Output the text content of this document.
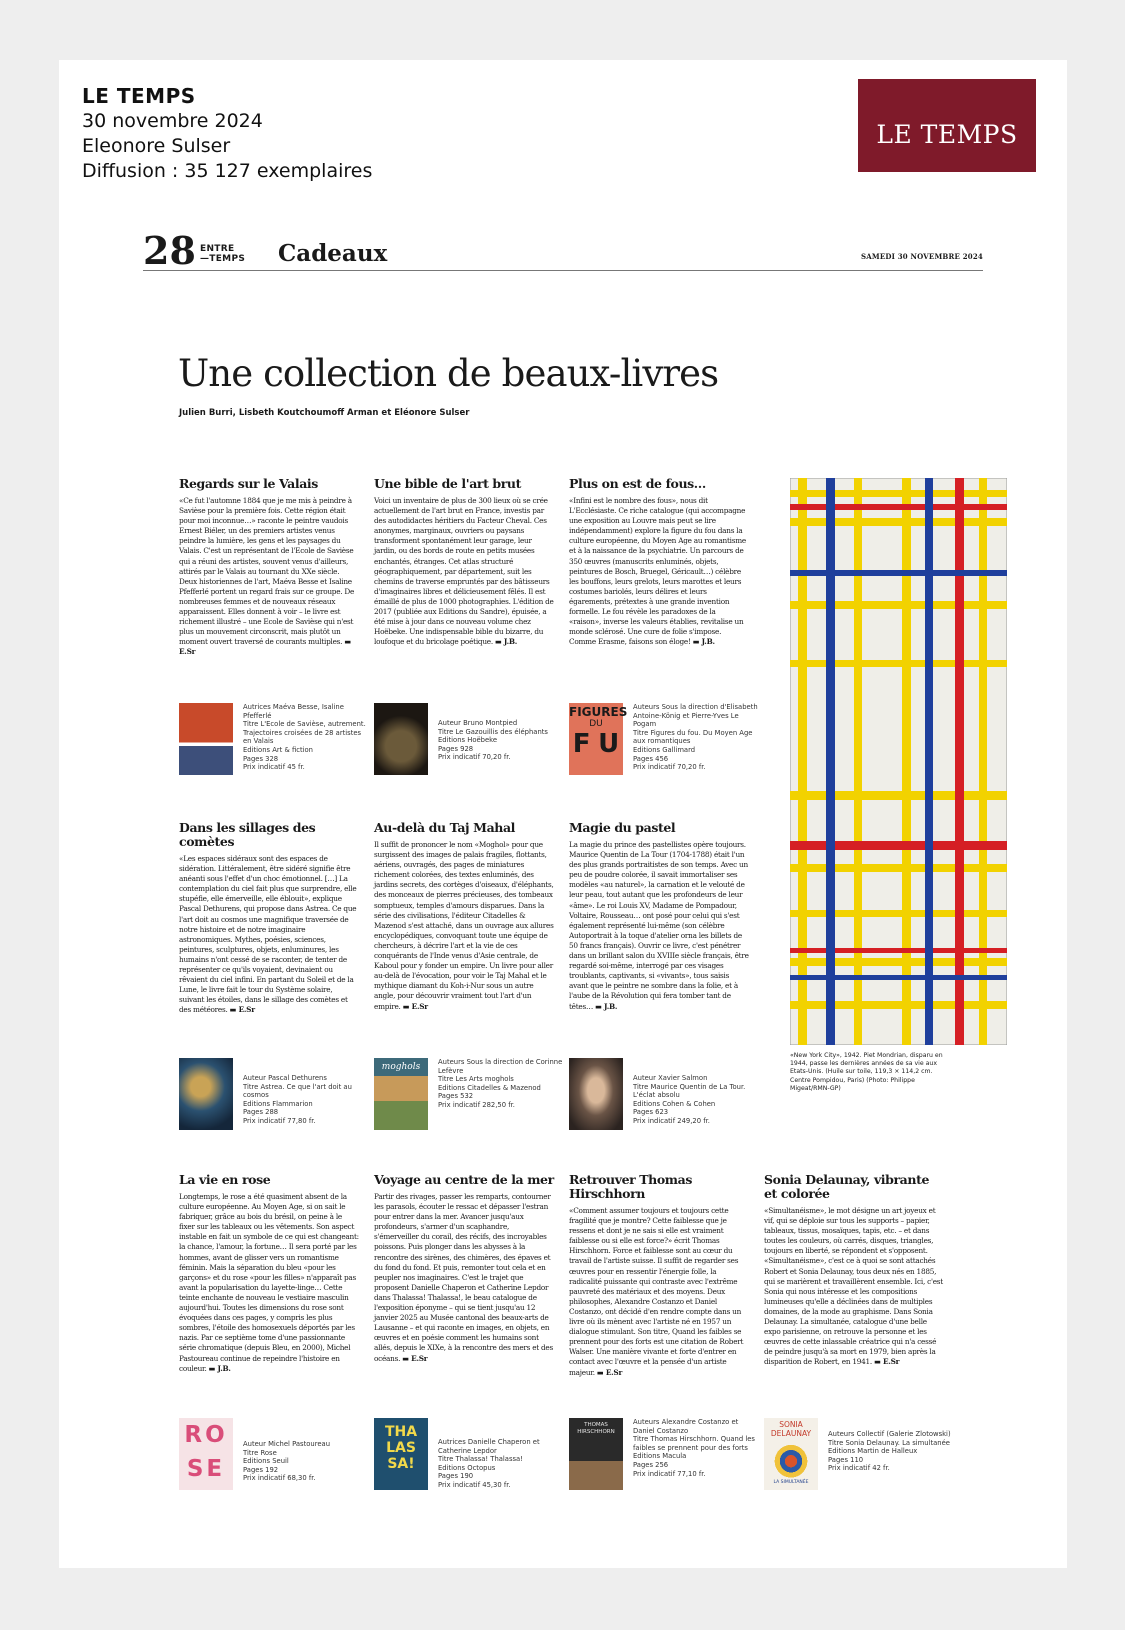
LE TEMPS
30 novembre 2024
Eleonore Sulser
Diffusion : 35 127 exemplaires
LE TEMPS
28 ENTRE
—TEMPS Cadeaux	SAMEDI 30 NOVEMBRE 2024
Une collection de beaux-livres
Julien Burri, Lisbeth Koutchoumoff Arman et Eléonore Sulser
Regards sur le Valais

«Ce fut l'automne 1884 que je me mis à peindre à Savièse pour la première fois. Cette région était pour moi inconnue…» raconte le peintre vaudois Ernest Biéler, un des premiers artistes venus peindre la lumière, les gens et les paysages du Valais. C'est un représentant de l'Ecole de Savièse qui a réuni des artistes, souvent venus d'ailleurs, attirés par le Valais au tournant du XXe siècle. Deux historiennes de l'art, Maéva Besse et Isaline Pfefferlé portent un regard frais sur ce groupe. De nombreuses femmes et de nouveaux réseaux apparaissent. Elles donnent à voir – le livre est richement illustré – une Ecole de Savièse qui n'est plus un mouvement circonscrit, mais plutôt un moment ouvert traversé de courants multiples. ▬ E.Sr

Une bible de l'art brut

Voici un inventaire de plus de 300 lieux où se crée actuellement de l'art brut en France, investis par des autodidactes héritiers du Facteur Cheval. Ces anonymes, marginaux, ouvriers ou paysans transforment spontanément leur garage, leur jardin, ou des bords de route en petits musées enchantés, étranges. Cet atlas structuré géographiquement, par département, suit les chemins de traverse empruntés par des bâtisseurs d'imaginaires libres et délicieusement fêlés. Il est émaillé de plus de 1000 photographies. L'édition de 2017 (publiée aux Editions du Sandre), épuisée, a été mise à jour dans ce nouveau volume chez Hoëbeke. Une indispensable bible du bizarre, du loufoque et du bricolage poétique. ▬ J.B.

Plus on est de fous…

«Infini est le nombre des fous», nous dit L'Ecclésiaste. Ce riche catalogue (qui accompagne une exposition au Louvre mais peut se lire indépendamment) explore la figure du fou dans la culture européenne, du Moyen Age au romantisme et à la naissance de la psychiatrie. Un parcours de 350 œuvres (manuscrits enluminés, objets, peintures de Bosch, Bruegel, Géricault…) célèbre les bouffons, leurs grelots, leurs marottes et leurs costumes bariolés, leurs délires et leurs égarements, prétextes à une grande invention formelle. Le fou révèle les paradoxes de la «raison», inverse les valeurs établies, revitalise un monde sclérosé. Une cure de folie s'impose. Comme Erasme, faisons son éloge! ▬ J.B.

Autrices Maéva Besse, Isaline Pfefferlé
Titre L'Ecole de Savièse, autrement. Trajectoires croisées de 28 artistes en Valais
Editions Art & fiction
Pages 328
Prix indicatif 45 fr.
Auteur Bruno Montpied
Titre Le Gazouillis des éléphants
Editions Hoëbeke
Pages 928
Prix indicatif 70,20 fr.
FIGURES
DU
F U
Auteurs Sous la direction d'Elisabeth Antoine-König et Pierre-Yves Le Pogam
Titre Figures du fou. Du Moyen Age aux romantiques
Editions Gallimard
Pages 456
Prix indicatif 70,20 fr.
Dans les sillages des comètes

«Les espaces sidéraux sont des espaces de sidération. Littéralement, être sidéré signifie être anéanti sous l'effet d'un choc émotionnel. […] La contemplation du ciel fait plus que surprendre, elle stupéfie, elle émerveille, elle éblouit», explique Pascal Dethurens, qui propose dans Astrea. Ce que l'art doit au cosmos une magnifique traversée de notre histoire et de notre imaginaire astronomiques. Mythes, poésies, sciences, peintures, sculptures, objets, enluminures, les humains n'ont cessé de se raconter, de tenter de représenter ce qu'ils voyaient, devinaient ou rêvaient du ciel infini. En partant du Soleil et de la Lune, le livre fait le tour du Système solaire, suivant les étoiles, dans le sillage des comètes et des météores. ▬ E.Sr

Au-delà du Taj Mahal

Il suffit de prononcer le nom «Moghol» pour que surgissent des images de palais fragiles, flottants, aériens, ouvragés, des pages de miniatures richement colorées, des textes enluminés, des jardins secrets, des cortèges d'oiseaux, d'éléphants, des monceaux de pierres précieuses, des tombeaux somptueux, temples d'amours disparues. Dans la série des civilisations, l'éditeur Citadelles & Mazenod s'est attaché, dans un ouvrage aux allures encyclopédiques, convoquant toute une équipe de chercheurs, à décrire l'art et la vie de ces conquérants de l'Inde venus d'Asie centrale, de Kaboul pour y fonder un empire. Un livre pour aller au-delà de l'évocation, pour voir le Taj Mahal et le mythique diamant du Koh-i-Nur sous un autre angle, pour découvrir vraiment tout l'art d'un empire. ▬ E.Sr

Magie du pastel

La magie du prince des pastellistes opère toujours. Maurice Quentin de La Tour (1704-1788) était l'un des plus grands portraitistes de son temps. Avec un peu de poudre colorée, il savait immortaliser ses modèles «au naturel», la carnation et le velouté de leur peau, tout autant que les profondeurs de leur «âme». Le roi Louis XV, Madame de Pompadour, Voltaire, Rousseau… ont posé pour celui qui s'est également représenté lui-même (son célèbre Autoportrait à la toque d'atelier orna les billets de 50 francs français). Ouvrir ce livre, c'est pénétrer dans un brillant salon du XVIIIe siècle français, être regardé soi-même, interrogé par ces visages troublants, captivants, si «vivants», tous saisis avant que le peintre ne sombre dans la folie, et à l'aube de la Révolution qui fera tomber tant de têtes… ▬ J.B.

Auteur Pascal Dethurens
Titre Astrea. Ce que l'art doit au cosmos
Editions Flammarion
Pages 288
Prix indicatif 77,80 fr.
moghols	Auteurs Sous la direction de Corinne Lefèvre
Titre Les Arts moghols
Editions Citadelles & Mazenod
Pages 532
Prix indicatif 282,50 fr.
Auteur Xavier Salmon
Titre Maurice Quentin de La Tour. L'éclat absolu
Editions Cohen & Cohen
Pages 623
Prix indicatif 249,20 fr.
La vie en rose

Longtemps, le rose a été quasiment absent de la culture européenne. Au Moyen Age, si on sait le fabriquer, grâce au bois du brésil, on peine à le fixer sur les tableaux ou les vêtements. Son aspect instable en fait un symbole de ce qui est changeant: la chance, l'amour, la fortune… Il sera porté par les hommes, avant de glisser vers un romantisme féminin. Mais la séparation du bleu «pour les garçons» et du rose «pour les filles» n'apparaît pas avant la popularisation du layette-linge… Cette teinte enchante de nouveau le vestiaire masculin aujourd'hui. Toutes les dimensions du rose sont évoquées dans ces pages, y compris les plus sombres, l'étoile des homosexuels déportés par les nazis. Par ce septième tome d'une passionnante série chromatique (depuis Bleu, en 2000), Michel Pastoureau continue de repeindre l'histoire en couleur. ▬ J.B.

Voyage au centre de la mer

Partir des rivages, passer les remparts, contourner les parasols, écouter le ressac et dépasser l'estran pour entrer dans la mer. Avancer jusqu'aux profondeurs, s'armer d'un scaphandre, s'émerveiller du corail, des récifs, des incroyables poissons. Puis plonger dans les abysses à la rencontre des sirènes, des chimères, des épaves et du fond du fond. Et puis, remonter tout cela et en peupler nos imaginaires. C'est le trajet que proposent Danielle Chaperon et Catherine Lepdor dans Thalassa! Thalassa!, le beau catalogue de l'exposition éponyme – qui se tient jusqu'au 12 janvier 2025 au Musée cantonal des beaux-arts de Lausanne – et qui raconte en images, en objets, en œuvres et en poésie comment les humains sont allés, depuis le XIXe, à la rencontre des mers et des océans. ▬ E.Sr

Retrouver Thomas Hirschhorn

«Comment assumer toujours et toujours cette fragilité que je montre? Cette faiblesse que je ressens et dont je ne sais si elle est vraiment faiblesse ou si elle est force?» écrit Thomas Hirschhorn. Force et faiblesse sont au cœur du travail de l'artiste suisse. Il suffit de regarder ses œuvres pour en ressentir l'énergie folle, la radicalité puissante qui contraste avec l'extrême pauvreté des matériaux et des moyens. Deux philosophes, Alexandre Costanzo et Daniel Costanzo, ont décidé d'en rendre compte dans un livre où ils mènent avec l'artiste né en 1957 un dialogue stimulant. Son titre, Quand les faibles se prennent pour des forts est une citation de Robert Walser. Une manière vivante et forte d'entrer en contact avec l'œuvre et la pensée d'un artiste majeur. ▬ E.Sr

Sonia Delaunay, vibrante et colorée

«Simultanéisme», le mot désigne un art joyeux et vif, qui se déploie sur tous les supports – papier, tableaux, tissus, mosaïques, tapis, etc. – et dans toutes les couleurs, où carrés, disques, triangles, toujours en liberté, se répondent et s'opposent. «Simultanéisme», c'est ce à quoi se sont attachés Robert et Sonia Delaunay, tous deux nés en 1885, qui se marièrent et travaillèrent ensemble. Ici, c'est Sonia qui nous intéresse et les compositions lumineuses qu'elle a déclinées dans de multiples domaines, de la mode au graphisme. Dans Sonia Delaunay. La simultanée, catalogue d'une belle expo parisienne, on retrouve la personne et les œuvres de cette inlassable créatrice qui n'a cessé de peindre jusqu'à sa mort en 1979, bien après la disparition de Robert, en 1941. ▬ E.Sr

RO
SE
Auteur Michel Pastoureau
Titre Rose
Editions Seuil
Pages 192
Prix indicatif 68,30 fr.
THA
LAS
SA!
Autrices Danielle Chaperon et Catherine Lepdor
Titre Thalassa! Thalassa!
Editions Octopus
Pages 190
Prix indicatif 45,30 fr.
THOMAS HIRSCHHORN
Auteurs Alexandre Costanzo et Daniel Costanzo
Titre Thomas Hirschhorn. Quand les faibles se prennent pour des forts
Editions Macula
Pages 256
Prix indicatif 77,10 fr.
SONIA DELAUNAY
LA SIMULTANÉE
Auteurs Collectif (Galerie Zlotowski)
Titre Sonia Delaunay. La simultanée
Editions Martin de Halleux
Pages 110
Prix indicatif 42 fr.
«New York City», 1942. Piet Mondrian, disparu en 1944, passe les dernières années de sa vie aux Etats-Unis. (Huile sur toile, 119,3 × 114,2 cm. Centre Pompidou, Paris) (Photo: Philippe Migeat/RMN-GP)
